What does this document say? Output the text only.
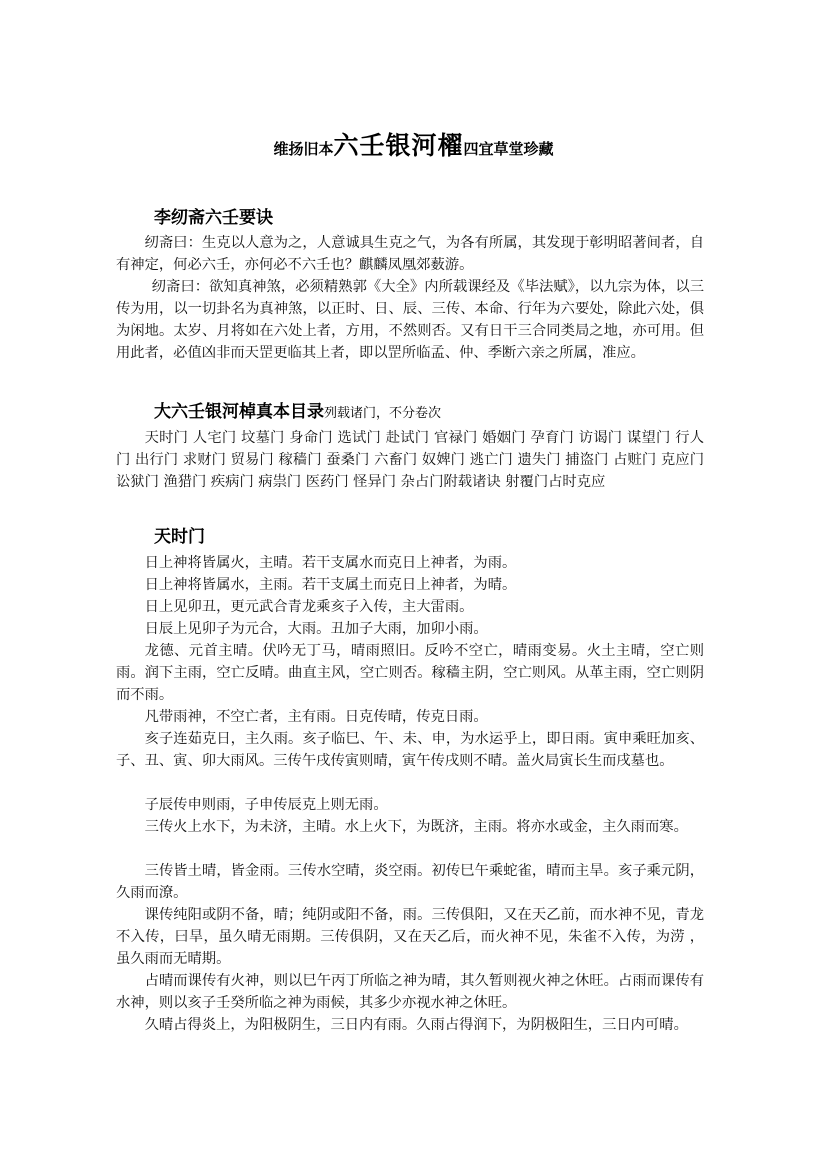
维扬旧本六壬银河櫂四宜草堂珍藏
李纫斋六壬要诀

纫斋曰：生克以人意为之，人意诚具生克之气，为各有所属，其发现于彰明昭著间者，自有神定，何必六壬，亦何必不六壬也？麒麟凤凰郊薮游。

纫斋曰：欲知真神煞，必须精熟郭《大全》内所载课经及《毕法赋》，以九宗为体，以三传为用，以一切卦名为真神煞，以正时、日、辰、三传、本命、行年为六要处，除此六处，俱为闲地。太岁、月将如在六处上者，方用，不然则否。又有日干三合同类局之地，亦可用。但用此者，必值凶非而天罡更临其上者，即以罡所临孟、仲、季断六亲之所属，准应。

大六壬银河棹真本目录列载诸门，不分卷次

天时门 人宅门 坟墓门 身命门 选试门 赴试门 官禄门 婚姻门 孕育门 访谒门 谋望门 行人门 出行门 求财门 贸易门 稼穑门 蚕桑门 六畜门 奴婢门 逃亡门 遗失门 捕盗门 占赃门 克应门 讼狱门 渔猎门 疾病门 病祟门 医药门 怪异门 杂占门附载诸诀 射覆门占时克应

天时门

日上神将皆属火，主晴。若干支属水而克日上神者，为雨。

日上神将皆属水，主雨。若干支属土而克日上神者，为晴。

日上见卯丑，更元武合青龙乘亥子入传，主大雷雨。

日辰上见卯子为元合，大雨。丑加子大雨，加卯小雨。

龙德、元首主晴。伏吟无丁马，晴雨照旧。反吟不空亡，晴雨变易。火土主晴，空亡则雨。润下主雨，空亡反晴。曲直主风，空亡则否。稼穑主阴，空亡则风。从革主雨，空亡则阴而不雨。

凡带雨神，不空亡者，主有雨。日克传晴，传克日雨。

亥子连茹克日，主久雨。亥子临巳、午、未、申，为水运乎上，即日雨。寅申乘旺加亥、子、丑、寅、卯大雨风。三传午戌传寅则晴，寅午传戌则不晴。盖火局寅长生而戌墓也。

子辰传申则雨，子申传辰克上则无雨。

三传火上水下，为未济，主晴。水上火下，为既济，主雨。将亦水或金，主久雨而寒。

三传皆土晴，皆金雨。三传水空晴，炎空雨。初传巳午乘蛇雀，晴而主旱。亥子乘元阴，久雨而潦。

课传纯阳或阴不备，晴；纯阴或阳不备，雨。三传俱阳，又在天乙前，而水神不见，青龙不入传，曰旱，虽久晴无雨期。三传俱阴，又在天乙后，而火神不见，朱雀不入传，为涝 ，虽久雨而无晴期。

占晴而课传有火神，则以巳午丙丁所临之神为晴，其久暂则视火神之休旺。占雨而课传有水神，则以亥子壬癸所临之神为雨候，其多少亦视水神之休旺。

久晴占得炎上，为阳极阴生，三日内有雨。久雨占得润下，为阴极阳生，三日内可晴。
